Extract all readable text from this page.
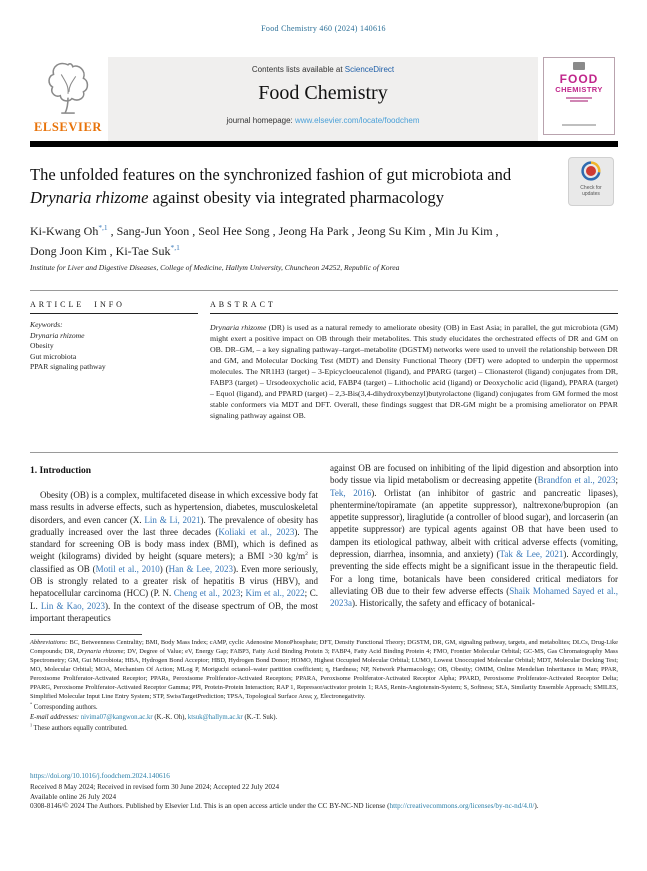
Food Chemistry 460 (2024) 140616
ELSEVIER
Contents lists available at ScienceDirect
Food Chemistry
journal homepage: www.elsevier.com/locate/foodchem
FOOD
CHEMISTRY
Check for updates
The unfolded features on the synchronized fashion of gut microbiota and
Drynaria rhizome against obesity via integrated pharmacology
Ki-Kwang $Oh^{*,1}$ , Sang-Jun Yoon , Seol Hee Song , Jeong Ha Park , Jeong Su Kim , Min Ju Kim ,
Dong Joon Kim , Ki-Tae Suk$^{*,1}$
Institute for Liver and Digestive Diseases, College of Medicine, Hallym University, Chuncheon 24252, Republic of Korea
ARTICLE INFO
Keywords:
Drynaria rhizome
Obesity
Gut microbiota
PPAR signaling pathway
ABSTRACT

Drynaria rhizome (DR) is used as a natural remedy to ameliorate obesity (OB) in East Asia; in parallel, the gut microbiota (GM) might exert a positive impact on OB through their metabolites. This study elucidates the orchestrated effects of DR and GM on OB. DR–GM, – a key signaling pathway–target–metabolite (DGSTM) networks were used to unveil the relationship between DR and GM, and Molecular Docking Test (MDT) and Density Functional Theory (DFT) were adopted to underpin the uppermost molecules. The NR1H3 (target) – 3-Epicycloeucalenol (ligand), and PPARG (target) – Clionasterol (ligand) conjugates from DR, FABP3 (target) – Ursodeoxycholic acid, FABP4 (target) – Lithocholic acid (ligand) or Deoxycholic acid (ligand), PPARA (target) – Equol (ligand), and PPARD (target) – 2,3-Bis(3,4-dihydroxybenzyl)butyrolactone (ligand) conjugates from GM formed the most stable conformers via MDT and DFT. Overall, these findings suggest that DR-GM might be a promising ameliorator on PPAR signaling pathway against OB.

1. Introduction

Obesity (OB) is a complex, multifaceted disease in which excessive body fat mass results in adverse effects, such as hypertension, diabetes, musculoskeletal disorders, and even cancer (X. Lin & Li, 2021). The prevalence of obesity has gradually increased over the last three decades (Koliaki et al., 2023). The standard for screening OB is body mass index (BMI), which is defined as weight (kilograms) divided by height (square meters); a BMI >30 $kg/m^2$ is classified as OB (Motil et al., 2010) (Han & Lee, 2023). Even more seriously, OB is strongly related to a greater risk of hepatitis B virus (HBV), and hepatocellular carcinoma (HCC) (P. N. Cheng et al., 2023; Kim et al., 2022; C. L. Lin & Kao, 2023). In the context of the disease spectrum of OB, the most important therapeutics

against OB are focused on inhibiting of the lipid digestion and absorption into body tissue via lipid metabolism or decreasing appetite (Brandfon et al., 2023; Tek, 2016). Orlistat (an inhibitor of gastric and pancreatic lipases), phentermine/topiramate (an appetite suppressor), naltrexone/bupropion (an appetite suppressor), liraglutide (a controller of blood sugar), and lorcaserin (an appetite suppressor) are typical agents against OB that have been used to dampen its etiological pathway, albeit with critical adverse effects (vomiting, depression, diarrhea, insomnia, and anxiety) (Tak & Lee, 2021). Accordingly, preventing the side effects might be a significant issue in the therapeutic field. For a long time, botanicals have been considered critical mediators for alleviating OB due to their few adverse effects (Shaik Mohamed Sayed et al., 2023a). Historically, the safety and efficacy of botanical-

Abbreviations: BC, Betweenness Centrality; BMI, Body Mass Index; cAMP, cyclic Adenosine MonoPhosphate; DFT, Density Functional Theory; DGSTM, DR, GM, signaling pathway, targets, and metabolites; DLCs, Drug-Like Compounds; DR, Drynaria rhizome; DV, Degree of Value; eV, Energy Gap; FABP3, Fatty Acid Binding Protein 3; FABP4, Fatty Acid Binding Protein 4; FMO, Frontier Molecular Orbital; GC-MS, Gas Chromatography Mass Spectrometry; GM, Gut Microbiota; HBA, Hydrogen Bond Acceptor; HBD, Hydrogen Bond Donor; HOMO, Highest Occupied Molecular Orbital; LUMO, Lowest Unoccupied Molecular Orbital; MDT, Molecular Docking Test; MO, Molecular Orbital; MOA, Mechanism Of Action; MLog P, Moriguchi octanol–water partition coefficient; η, Hardness; NP, Network Pharmacology; OB, Obesity; OMIM, Online Mendelian Inheritance in Man; PPAR, Peroxisome Proliferator-Activated Receptor; PPARs, Peroxisome Proliferator-Activated Receptors; PPARA, Peroxisome Proliferator-Activated Receptor Alpha; PPARD, Peroxisome Proliferator-Activated Receptor Delta; PPARG, Peroxisome Proliferator-Activated Receptor Gamma; PPI, Protein-Protein Interaction; RAP 1, Repressor/activator protein 1; RAS, Renin-Angiotensin-System; S, Softness; SEA, Similarity Ensemble Approach; SMILES, Simplified Molecular Input Line Entry System; STP, SwissTargetPrediction; TPSA, Topological Surface Area; χ, Electronegativity.

* Corresponding authors.

E-mail addresses: nivima07@kangwon.ac.kr (K.-K. Oh), ktsuk@hallym.ac.kr (K.-T. Suk).

$^1$ These authors equally contributed.

https://doi.org/10.1016/j.foodchem.2024.140616
Received 8 May 2024; Received in revised form 30 June 2024; Accepted 22 July 2024
Available online 26 July 2024
0308-8146/© 2024 The Authors. Published by Elsevier Ltd. This is an open access article under the CC BY-NC-ND license (http://creativecommons.org/licenses/by-nc-nd/4.0/).
